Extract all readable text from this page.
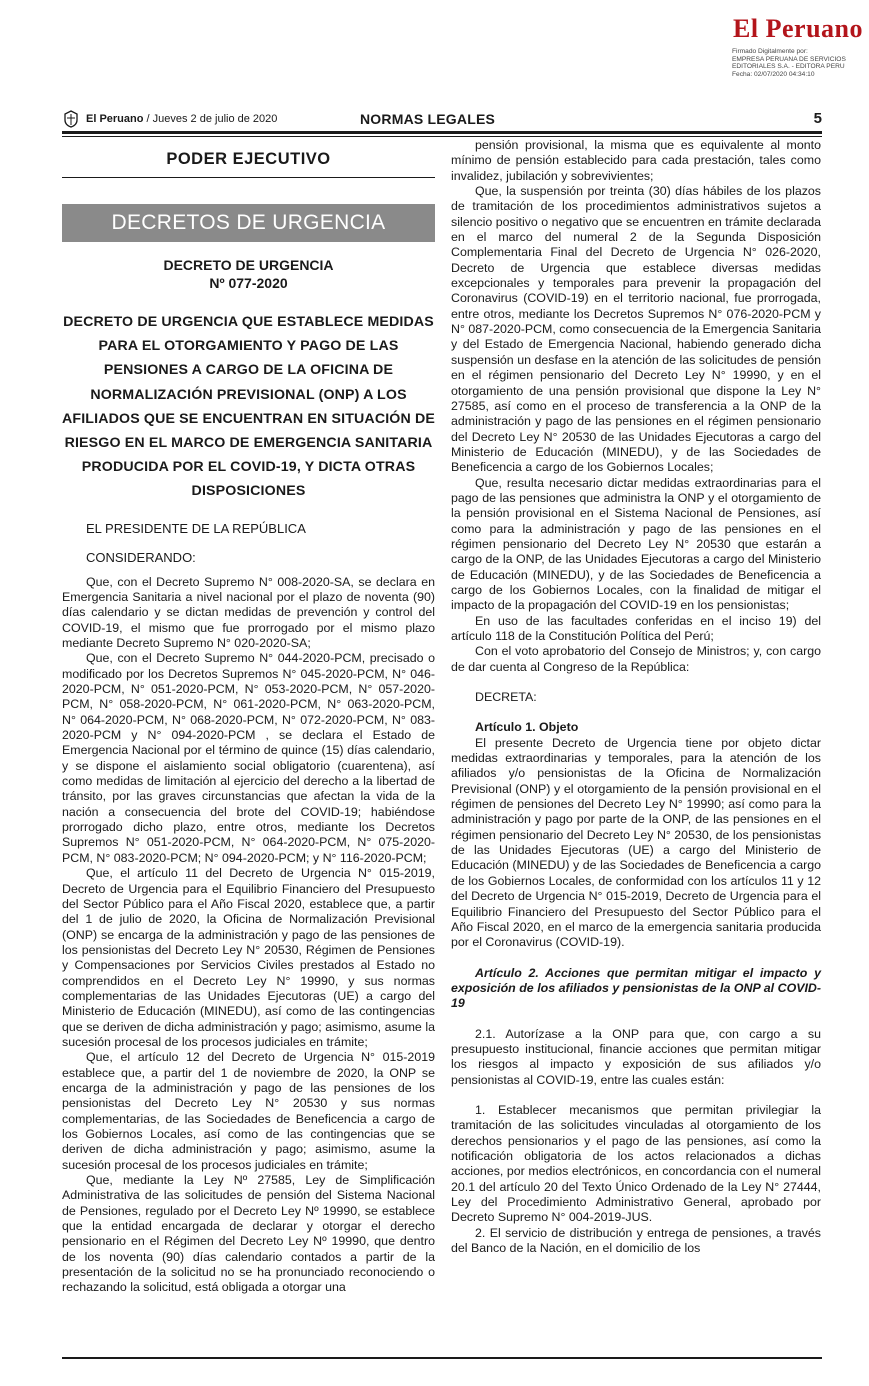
El Peruano
Firmado Digitalmente por:
EMPRESA PERUANA DE SERVICIOS
EDITORIALES S.A. - EDITORA PERU
Fecha: 02/07/2020 04:34:10
El Peruano / Jueves 2 de julio de 2020	NORMAS LEGALES	5
PODER EJECUTIVO
DECRETOS DE URGENCIA
DECRETO DE URGENCIA
Nº 077-2020
DECRETO DE URGENCIA QUE ESTABLECE MEDIDAS PARA EL OTORGAMIENTO Y PAGO DE LAS PENSIONES A CARGO DE LA OFICINA DE NORMALIZACIÓN PREVISIONAL (ONP) A LOS AFILIADOS QUE SE ENCUENTRAN EN SITUACIÓN DE RIESGO EN EL MARCO DE EMERGENCIA SANITARIA PRODUCIDA POR EL COVID-19, Y DICTA OTRAS DISPOSICIONES
EL PRESIDENTE DE LA REPÚBLICA
CONSIDERANDO:

Que, con el Decreto Supremo N° 008-2020-SA, se declara en Emergencia Sanitaria a nivel nacional por el plazo de noventa (90) días calendario y se dictan medidas de prevención y control del COVID-19, el mismo que fue prorrogado por el mismo plazo mediante Decreto Supremo N° 020-2020-SA;

Que, con el Decreto Supremo N° 044-2020-PCM, precisado o modificado por los Decretos Supremos N° 045-2020-PCM, N° 046-2020-PCM, N° 051-2020-PCM, N° 053-2020-PCM, N° 057-2020-PCM, N° 058-2020-PCM, N° 061-2020-PCM, N° 063-2020-PCM, N° 064-2020-PCM, N° 068-2020-PCM, N° 072-2020-PCM, N° 083-2020-PCM y N° 094-2020-PCM , se declara el Estado de Emergencia Nacional por el término de quince (15) días calendario, y se dispone el aislamiento social obligatorio (cuarentena), así como medidas de limitación al ejercicio del derecho a la libertad de tránsito, por las graves circunstancias que afectan la vida de la nación a consecuencia del brote del COVID-19; habiéndose prorrogado dicho plazo, entre otros, mediante los Decretos Supremos N° 051-2020-PCM, N° 064-2020-PCM, N° 075-2020-PCM, N° 083-2020-PCM; N° 094-2020-PCM; y N° 116-2020-PCM;

Que, el artículo 11 del Decreto de Urgencia N° 015-2019, Decreto de Urgencia para el Equilibrio Financiero del Presupuesto del Sector Público para el Año Fiscal 2020, establece que, a partir del 1 de julio de 2020, la Oficina de Normalización Previsional (ONP) se encarga de la administración y pago de las pensiones de los pensionistas del Decreto Ley N° 20530, Régimen de Pensiones y Compensaciones por Servicios Civiles prestados al Estado no comprendidos en el Decreto Ley N° 19990, y sus normas complementarias de las Unidades Ejecutoras (UE) a cargo del Ministerio de Educación (MINEDU), así como de las contingencias que se deriven de dicha administración y pago; asimismo, asume la sucesión procesal de los procesos judiciales en trámite;

Que, el artículo 12 del Decreto de Urgencia N° 015-2019 establece que, a partir del 1 de noviembre de 2020, la ONP se encarga de la administración y pago de las pensiones de los pensionistas del Decreto Ley N° 20530 y sus normas complementarias, de las Sociedades de Beneficencia a cargo de los Gobiernos Locales, así como de las contingencias que se deriven de dicha administración y pago; asimismo, asume la sucesión procesal de los procesos judiciales en trámite;

Que, mediante la Ley Nº 27585, Ley de Simplificación Administrativa de las solicitudes de pensión del Sistema Nacional de Pensiones, regulado por el Decreto Ley Nº 19990, se establece que la entidad encargada de declarar y otorgar el derecho pensionario en el Régimen del Decreto Ley Nº 19990, que dentro de los noventa (90) días calendario contados a partir de la presentación de la solicitud no se ha pronunciado reconociendo o rechazando la solicitud, está obligada a otorgar una

pensión provisional, la misma que es equivalente al monto mínimo de pensión establecido para cada prestación, tales como invalidez, jubilación y sobrevivientes;

Que, la suspensión por treinta (30) días hábiles de los plazos de tramitación de los procedimientos administrativos sujetos a silencio positivo o negativo que se encuentren en trámite declarada en el marco del numeral 2 de la Segunda Disposición Complementaria Final del Decreto de Urgencia N° 026-2020, Decreto de Urgencia que establece diversas medidas excepcionales y temporales para prevenir la propagación del Coronavirus (COVID-19) en el territorio nacional, fue prorrogada, entre otros, mediante los Decretos Supremos N° 076-2020-PCM y N° 087-2020-PCM, como consecuencia de la Emergencia Sanitaria y del Estado de Emergencia Nacional, habiendo generado dicha suspensión un desfase en la atención de las solicitudes de pensión en el régimen pensionario del Decreto Ley N° 19990, y en el otorgamiento de una pensión provisional que dispone la Ley N° 27585, así como en el proceso de transferencia a la ONP de la administración y pago de las pensiones en el régimen pensionario del Decreto Ley N° 20530 de las Unidades Ejecutoras a cargo del Ministerio de Educación (MINEDU), y de las Sociedades de Beneficencia a cargo de los Gobiernos Locales;

Que, resulta necesario dictar medidas extraordinarias para el pago de las pensiones que administra la ONP y el otorgamiento de la pensión provisional en el Sistema Nacional de Pensiones, así como para la administración y pago de las pensiones en el régimen pensionario del Decreto Ley N° 20530 que estarán a cargo de la ONP, de las Unidades Ejecutoras a cargo del Ministerio de Educación (MINEDU), y de las Sociedades de Beneficencia a cargo de los Gobiernos Locales, con la finalidad de mitigar el impacto de la propagación del COVID-19 en los pensionistas;

En uso de las facultades conferidas en el inciso 19) del artículo 118 de la Constitución Política del Perú;

Con el voto aprobatorio del Consejo de Ministros; y, con cargo de dar cuenta al Congreso de la República:

DECRETA:

Artículo 1. Objeto

El presente Decreto de Urgencia tiene por objeto dictar medidas extraordinarias y temporales, para la atención de los afiliados y/o pensionistas de la Oficina de Normalización Previsional (ONP) y el otorgamiento de la pensión provisional en el régimen de pensiones del Decreto Ley N° 19990; así como para la administración y pago por parte de la ONP, de las pensiones en el régimen pensionario del Decreto Ley N° 20530, de los pensionistas de las Unidades Ejecutoras (UE) a cargo del Ministerio de Educación (MINEDU) y de las Sociedades de Beneficencia a cargo de los Gobiernos Locales, de conformidad con los artículos 11 y 12 del Decreto de Urgencia N° 015-2019, Decreto de Urgencia para el Equilibrio Financiero del Presupuesto del Sector Público para el Año Fiscal 2020, en el marco de la emergencia sanitaria producida por el Coronavirus (COVID-19).

Artículo 2. Acciones que permitan mitigar el impacto y exposición de los afiliados y pensionistas de la ONP al COVID-19

2.1. Autorízase a la ONP para que, con cargo a su presupuesto institucional, financie acciones que permitan mitigar los riesgos al impacto y exposición de sus afiliados y/o pensionistas al COVID-19, entre las cuales están:

1. Establecer mecanismos que permitan privilegiar la tramitación de las solicitudes vinculadas al otorgamiento de los derechos pensionarios y el pago de las pensiones, así como la notificación obligatoria de los actos relacionados a dichas acciones, por medios electrónicos, en concordancia con el numeral 20.1 del artículo 20 del Texto Único Ordenado de la Ley N° 27444, Ley del Procedimiento Administrativo General, aprobado por Decreto Supremo N° 004-2019-JUS.

2. El servicio de distribución y entrega de pensiones, a través del Banco de la Nación, en el domicilio de los
